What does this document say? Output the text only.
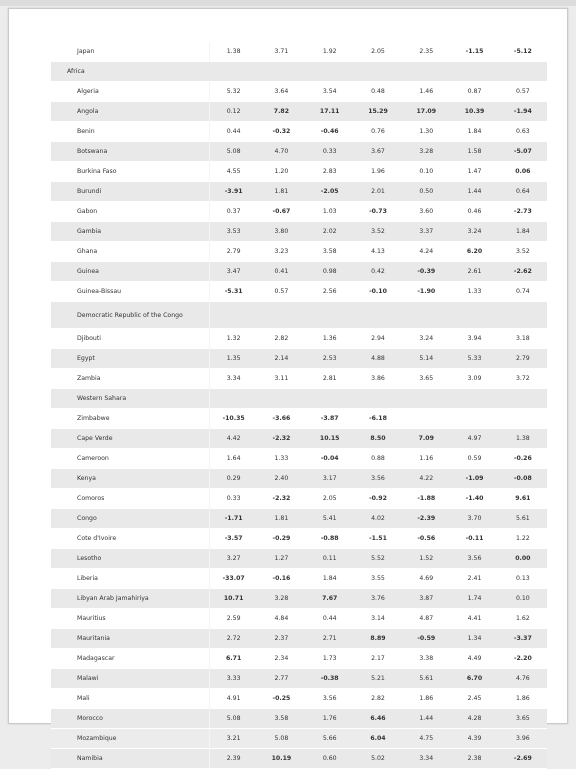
Japan	1.38	3.71	1.92	2.05	2.35	-1.15	-5.12
Africa							
Algeria	5.32	3.64	3.54	0.48	1.46	0.87	0.57
Angola	0.12	7.82	17.11	15.29	17.09	10.39	-1.94
Benin	0.44	-0.32	-0.46	0.76	1.30	1.84	0.63
Botswana	5.08	4.70	0.33	3.67	3.28	1.58	-5.07
Burkina Faso	4.55	1.20	2.83	1.96	0.10	1.47	0.06
Burundi	-3.91	1.81	-2.05	2.01	0.50	1.44	0.64
Gabon	0.37	-0.67	1.03	-0.73	3.60	0.46	-2.73
Gambia	3.53	3.80	2.02	3.52	3.37	3.24	1.84
Ghana	2.79	3.23	3.58	4.13	4.24	6.20	3.52
Guinea	3.47	0.41	0.98	0.42	-0.39	2.61	-2.62
Guinea-Bissau	-5.31	0.57	2.56	-0.10	-1.90	1.33	0.74
Democratic Republic of the Congo							
Djibouti	1.32	2.82	1.36	2.94	3.24	3.94	3.18
Egypt	1.35	2.14	2.53	4.88	5.14	5.33	2.79
Zambia	3.34	3.11	2.81	3.86	3.65	3.09	3.72
Western Sahara							
Zimbabwe	-10.35	-3.66	-3.87	-6.18			
Cape Verde	4.42	-2.32	10.15	8.50	7.09	4.97	1.38
Cameroon	1.64	1.33	-0.04	0.88	1.16	0.59	-0.26
Kenya	0.29	2.40	3.17	3.56	4.22	-1.09	-0.08
Comoros	0.33	-2.32	2.05	-0.92	-1.88	-1.40	9.61
Congo	-1.71	1.81	5.41	4.02	-2.39	3.70	5.61
Cote d'Ivoire	-3.57	-0.29	-0.88	-1.51	-0.56	-0.11	1.22
Lesotho	3.27	1.27	0.11	5.52	1.52	3.56	0.00
Liberia	-33.07	-0.16	1.84	3.55	4.69	2.41	0.13
Libyan Arab Jamahiriya	10.71	3.28	7.67	3.76	3.87	1.74	0.10
Mauritius	2.59	4.84	0.44	3.14	4.87	4.41	1.62
Mauritania	2.72	2.37	2.71	8.89	-0.59	1.34	-3.37
Madagascar	6.71	2.34	1.73	2.17	3.38	4.49	-2.20
Malawi	3.33	2.77	-0.38	5.21	5.61	6.70	4.76
Mali	4.91	-0.25	3.56	2.82	1.86	2.45	1.86
Morocco	5.08	3.58	1.76	6.46	1.44	4.28	3.65
Mozambique	3.21	5.08	5.66	6.04	4.75	4.39	3.96
Namibia	2.39	10.19	0.60	5.02	3.34	2.38	-2.69
